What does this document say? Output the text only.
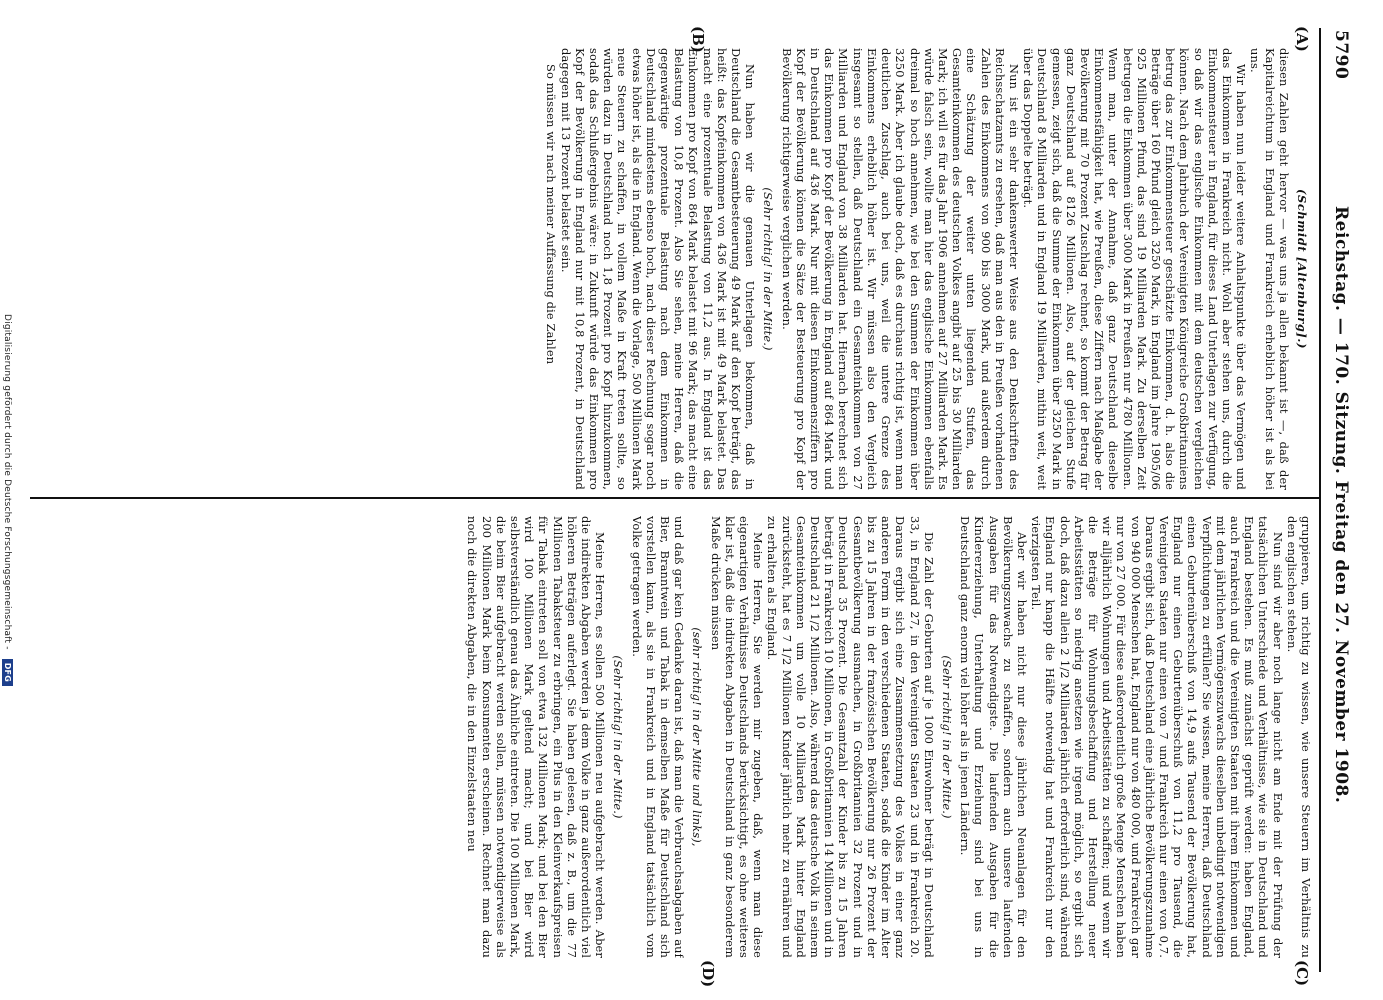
5790
Reichstag. — 170. Sitzung. Freitag den 27. November 1908.
(A)
(B)
(C)
(D)

(Schmidt [Altenburg].)

diesen Zahlen geht hervor — was uns ja allen bekannt ist —, daß der Kapitalreichtum in England und Frankreich erheblich höher ist als bei uns.

Wir haben nun leider weitere Anhaltspunkte über das Vermögen und das Einkommen in Frankreich nicht. Wohl aber stehen uns, durch die Einkommensteuer in England, für dieses Land Unterlagen zur Verfügung, so daß wir das englische Einkommen mit dem deutschen vergleichen können. Nach dem Jahrbuch der Vereinigten Königreiche Großbritanniens betrug das zur Einkommensteuer geschätzte Einkommen, d. h. also die Beträge über 160 Pfund gleich 3250 Mark, in England im Jahre 1905/06 925 Millionen Pfund, das sind 19 Milliarden Mark. Zu derselben Zeit betrugen die Einkommen über 3000 Mark in Preußen nur 4780 Millionen. Wenn man, unter der Annahme, daß ganz Deutschland dieselbe Einkommensfähigkeit hat, wie Preußen, diese Ziffern nach Maßgabe der Bevölkerung mit 70 Prozent Zuschlag rechnet, so kommt der Betrag für ganz Deutschland auf 8126 Millionen. Also, auf der gleichen Stufe gemessen, zeigt sich, daß die Summe der Einkommen über 3250 Mark in Deutschland 8 Milliarden und in England 19 Milliarden, mithin weit, weit über das Doppelte beträgt.

Nun ist ein sehr dankenswerter Weise aus den Denkschriften des Reichsschatzamts zu ersehen, daß man aus den in Preußen vorhandenen Zahlen des Einkommens von 900 bis 3000 Mark, und außerdem durch eine Schätzung der weiter unten liegenden Stufen, das Gesamteinkommen des deutschen Volkes angibt auf 25 bis 30 Milliarden Mark; ich will es für das Jahr 1906 annehmen auf 27 Milliarden Mark. Es würde falsch sein, wollte man hier das englische Einkommen ebenfalls dreimal so hoch annehmen, wie bei den Summen der Einkommen über 3250 Mark. Aber ich glaube doch, daß es durchaus richtig ist, wenn man deutlichen Zuschlag, auch bei uns, weil die untere Grenze des Einkommens erheblich höher ist. Wir müssen also den Vergleich insgesamt so stellen, daß Deutschland ein Gesamteinkommen von 27 Milliarden und England von 38 Milliarden hat. Hiernach berechnet sich das Einkommen pro Kopf der Bevölkerung in England auf 864 Mark und in Deutschland auf 436 Mark. Nur mit diesen Einkommensziffern pro Kopf der Bevölkerung können die Sätze der Besteuerung pro Kopf der Bevölkerung richtigerweise verglichen werden.

(Sehr richtig! in der Mitte.)

Nun haben wir die genauen Unterlagen bekommen, daß in Deutschland die Gesamtbesteuerung 49 Mark auf den Kopf beträgt, das heißt: das Kopfeinkommen von 436 Mark ist mit 49 Mark belastet. Das macht eine prozentuale Belastung von 11,2 aus. In England ist das Einkommen pro Kopf von 864 Mark belastet mit 96 Mark; das macht eine Belastung von 10,8 Prozent. Also Sie sehen, meine Herren, daß die gegenwärtige prozentuale Belastung nach dem Einkommen in Deutschland mindestens ebenso hoch, nach dieser Rechnung sogar noch etwas höher ist, als die in England. Wenn die Vorlage, 500 Millionen Mark neue Steuern zu schaffen, in vollem Maße in Kraft treten sollte, so würden dazu in Deutschland noch 1,8 Prozent pro Kopf hinzukommen, sodaß das Schlußergebnis wäre: in Zukunft würde das Einkommen pro Kopf der Bevölkerung in England nur mit 10,8 Prozent, in Deutschland dagegen mit 13 Prozent belastet sein.

So müssen wir nach meiner Auffassung die Zahlen

gruppieren, um richtig zu wissen, wie unsere Steuern im Verhältnis zu den englischen stehen.

Nun sind wir aber noch lange nicht am Ende mit der Prüfung der tatsächlichen Unterschiede und Verhältnisse, wie sie in Deutschland und England bestehen. Es muß zunächst geprüft werden: haben England, auch Frankreich und die Vereinigten Staaten mit ihrem Einkommen und mit dem jährlichen Vermögenszuwachs dieselben unbedingt notwendigen Verpflichtungen zu erfüllen? Sie wissen, meine Herren, daß Deutschland einen Geburtenüberschuß von 14,9 aufs Tausend der Bevölkerung hat, England nur einen Geburtenüberschuß von 11,2 pro Tausend, die Vereinigten Staaten nur einen von 7 und Frankreich nur einen von 0,7. Daraus ergibt sich, daß Deutschland eine jährliche Bevölkerungszunahme von 940 000 Menschen hat, England nur von 480 000, und Frankreich gar nur von 27 000. Für diese außerordentlich große Menge Menschen haben wir alljährlich Wohnungen und Arbeitsstätten zu schaffen; und wenn wir die Beträge für Wohnungsbeschaffung und Herstellung neuer Arbeitsstätten so niedrig ansetzen wie irgend möglich, so ergibt sich doch, daß dazu allein 2 1/2 Milliarden jährlich erforderlich sind, während England nur knapp die Hälfte notwendig hat und Frankreich nur den vierzigsten Teil.

Aber wir haben nicht nur diese jährlichen Neuanlagen für den Bevölkerungszuwachs zu schaffen, sondern auch unsere laufenden Ausgaben für das Notwendigste. Die laufenden Ausgaben für die Kindererziehung, Unterhaltung und Erziehung sind bei uns in Deutschland ganz enorm viel höher als in jenen Ländern.

(Sehr richtig! in der Mitte.)

Die Zahl der Geburten auf je 1000 Einwohner beträgt in Deutschland 33, in England 27, in den Vereinigten Staaten 23 und in Frankreich 20. Daraus ergibt sich eine Zusammensetzung des Volkes in einer ganz anderen Form in den verschiedenen Staaten, sodaß die Kinder im Alter bis zu 15 Jahren in der französischen Bevölkerung nur 26 Prozent der Gesamtbevölkerung ausmachen, in Großbritannien 32 Prozent und in Deutschland 35 Prozent. Die Gesamtzahl der Kinder bis zu 15 Jahren beträgt in Frankreich 10 Millionen, in Großbritannien 14 Millionen und in Deutschland 21 1/2 Millionen. Also, während das deutsche Volk in seinem Gesamteinkommen um volle 10 Milliarden Mark hinter England zurücksteht, hat es 7 1/2 Millionen Kinder jährlich mehr zu ernähren und zu erhalten als England.

Meine Herren, Sie werden mir zugeben, daß, wenn man diese eigenartigen Verhältnisse Deutschlands berücksichtigt, es ohne weiteres klar ist, daß die indirekten Abgaben in Deutschland in ganz besonderem Maße drücken müssen

(sehr richtig! in der Mitte und links),

und daß gar kein Gedanke daran ist, daß man die Verbrauchsabgaben auf Bier, Branntwein und Tabak in demselben Maße für Deutschland sich vorstellen kann, als sie in Frankreich und in England tatsächlich vom Volke getragen werden.

(Sehr richtig! in der Mitte.)

Meine Herren, es sollen 500 Millionen neu aufgebracht werden. Aber die indirekten Abgaben werden ja dem Volke in ganz außerordentlich viel höheren Beträgen auferlegt. Sie haben gelesen, daß z. B., um die 77 Millionen Tabaksteuer zu erbringen, ein Plus in den Kleinverkaufspreisen für Tabak eintreten soll von etwa 132 Millionen Mark; und bei den Bier wird 100 Millionen Mark geltend macht; und bei Bier wird selbstverständlich genau das Ähnliche eintreten. Die 100 Millionen Mark, die beim Bier aufgebracht werden sollen, müssen notwendigerweise als 200 Millionen Mark beim Konsumenten erscheinen. Rechnet man dazu noch die direkten Abgaben, die in den Einzelstaaten neu

Digitalisierung gefördert durch die Deutsche Forschungsgemeinschaft - DFG
